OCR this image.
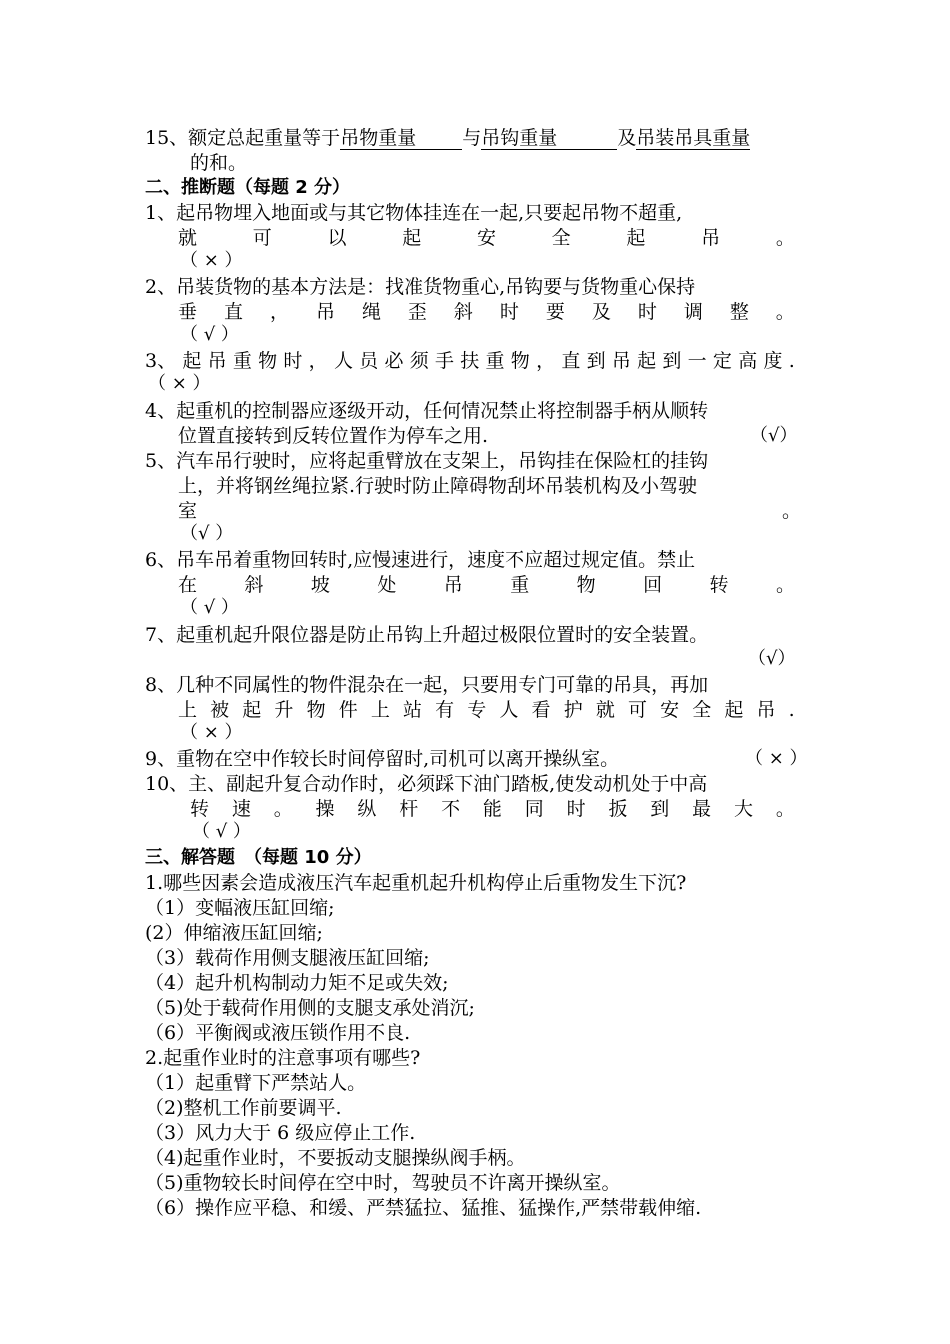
15、额定总起重量等于吊物重量 与吊钩重量	及吊装吊具重量
的和。
二、推断题（每题 2 分）
1、起吊物埋入地面或与其它物体挂连在一起,只要起吊物不超重,
就	可	以	起	安	全	起	吊	。
（ × ）
2、吊装货物的基本方法是：找准货物重心,吊钩要与货物重心保持
垂 直 ， 吊 绳 歪 斜 时 要 及 时 调 整 。
（ √ ）
3、 起 吊 重 物 时 ， 人 员 必 须 手 扶 重 物 ， 直 到 吊 起 到 一 定 高 度 .
（ × ）
4、起重机的控制器应逐级开动，任何情况禁止将控制器手柄从顺转
位置直接转到反转位置作为停车之用.	（√）
5、汽车吊行驶时，应将起重臂放在支架上，吊钩挂在保险杠的挂钩
上，并将钢丝绳拉紧.行驶时防止障碍物刮坏吊装机构及小驾驶
室	。
（√ ）
6、吊车吊着重物回转时,应慢速进行，速度不应超过规定值。禁止
在 斜 坡 处 吊 重 物 回 转 。
（ √ ）
7、起重机起升限位器是防止吊钩上升超过极限位置时的安全装置。
（√）
8、几种不同属性的物件混杂在一起，只要用专门可靠的吊具，再加
上 被 起 升 物 件 上 站 有 专 人 看 护 就 可 安 全 起 吊 .
（ × ）
9、重物在空中作较长时间停留时,司机可以离开操纵室。	（ × ）
10、主、副起升复合动作时，必须踩下油门踏板,使发动机处于中高
转 速 。 操 纵 杆 不 能 同 时 扳 到 最 大 。
（ √ ）
三、解答题　（每题 10 分）
1.哪些因素会造成液压汽车起重机起升机构停止后重物发生下沉?
（1）变幅液压缸回缩;
(2）伸缩液压缸回缩;
（3）载荷作用侧支腿液压缸回缩;
（4）起升机构制动力矩不足或失效;
（5)处于载荷作用侧的支腿支承处消沉;
（6）平衡阀或液压锁作用不良.
2.起重作业时的注意事项有哪些?
（1）起重臂下严禁站人。
（2)整机工作前要调平.
（3）风力大于 6 级应停止工作.
（4)起重作业时，不要扳动支腿操纵阀手柄。
（5)重物较长时间停在空中时，驾驶员不许离开操纵室。
（6）操作应平稳、和缓、严禁猛拉、猛推、猛操作,严禁带载伸缩.
